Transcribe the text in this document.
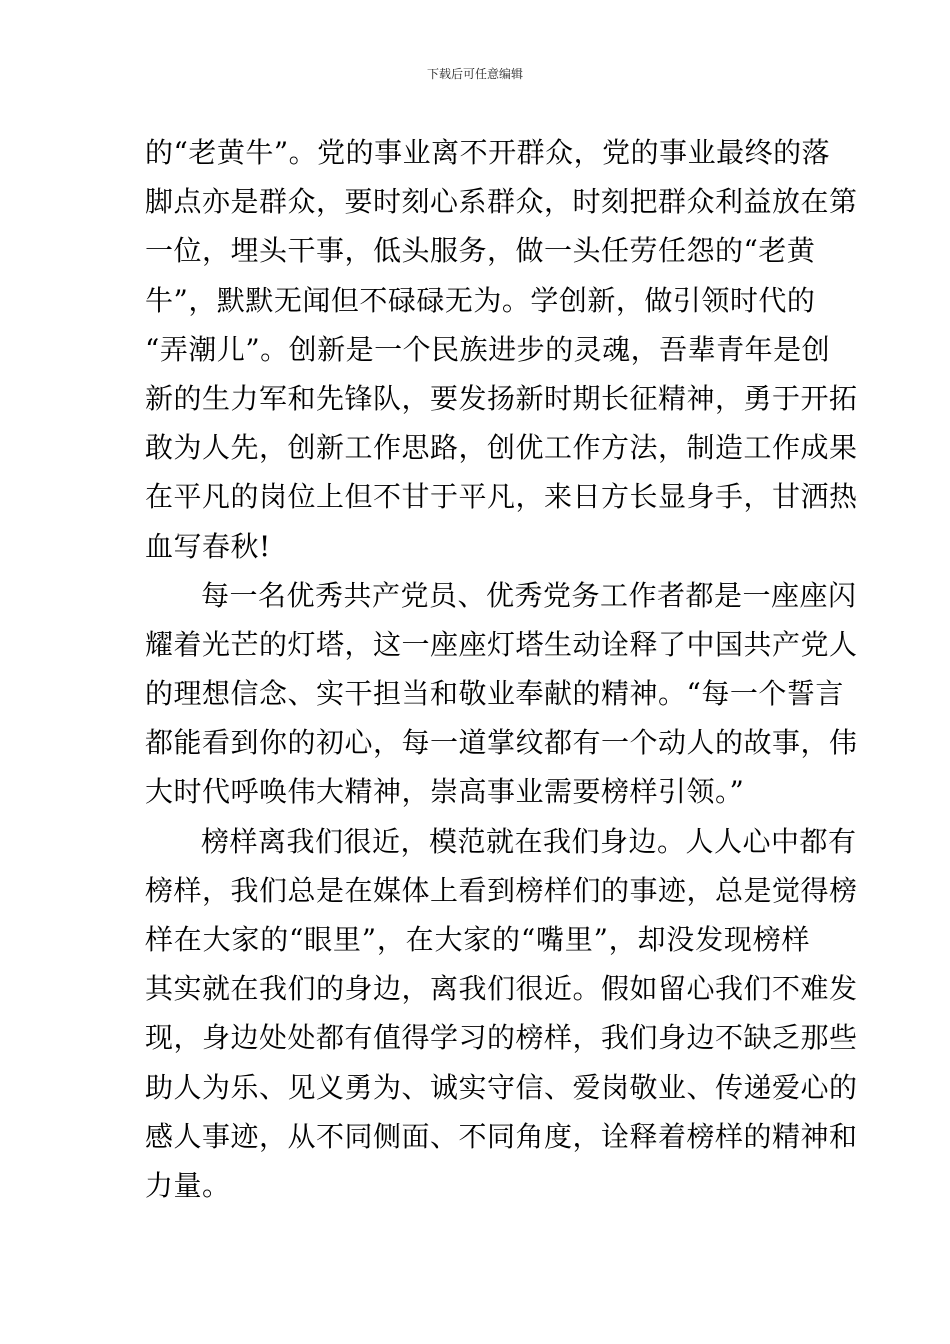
下载后可任意编辑
的“老黄牛”。党的事业离不开群众，党的事业最终的落
脚点亦是群众，要时刻心系群众，时刻把群众利益放在第
一位，埋头干事，低头服务，做一头任劳任怨的“老黄
牛”，默默无闻但不碌碌无为。学创新，做引领时代的
“弄潮儿”。创新是一个民族进步的灵魂，吾辈青年是创
新的生力军和先锋队，要发扬新时期长征精神，勇于开拓
敢为人先，创新工作思路，创优工作方法，制造工作成果
在平凡的岗位上但不甘于平凡，来日方长显身手，甘洒热
血写春秋!
每一名优秀共产党员、优秀党务工作者都是一座座闪
耀着光芒的灯塔，这一座座灯塔生动诠释了中国共产党人
的理想信念、实干担当和敬业奉献的精神。“每一个誓言
都能看到你的初心，每一道掌纹都有一个动人的故事，伟
大时代呼唤伟大精神，崇高事业需要榜样引领。”
榜样离我们很近，模范就在我们身边。人人心中都有
榜样，我们总是在媒体上看到榜样们的事迹，总是觉得榜
样在大家的“眼里”，在大家的“嘴里”，却没发现榜样
其实就在我们的身边，离我们很近。假如留心我们不难发
现，身边处处都有值得学习的榜样，我们身边不缺乏那些
助人为乐、见义勇为、诚实守信、爱岗敬业、传递爱心的
感人事迹，从不同侧面、不同角度，诠释着榜样的精神和
力量。
